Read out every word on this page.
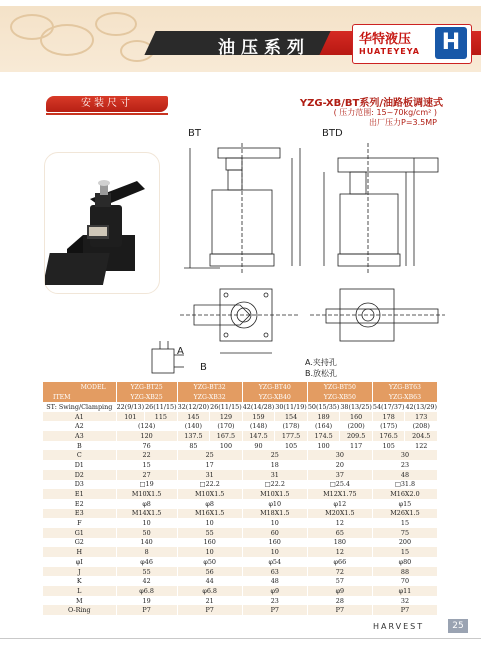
油压系列	华特液压
HUATEYEYA H
安装尺寸	YZG-XB/BT系列/油路板调速式
( 压力范围: 15~70kg/cm² )
出厂压力P=3.5MP
BT	BTD
A
B	A.夹持孔
B.放松孔
MODEL	YZG-BT25		YZG-BT32		YZG-BT40		YZG-BT50		YZG-BT63	
ITEM	YZG-XB25		YZG-XB32		YZG-XB40		YZG-XB50		YZG-XB63	
ST: Swing/Clamping	22(9/13)	26(11/15)	32(12/20)	26(11/15)	42(14/28)	30(11/19)	50(15/35)	38(13/25)	54(17/37)	42(13/29)
A1	101	115	145	129	159	154	189	160	178	173
A2	(124)		(140)	(170)	(148)	(178)	(164)	(200)	(175)	(208)
A3	120		137.5	167.5	147.5	177.5	174.5	209.5	176.5	204.5
B	76		85	100	90	105	100	117	105	122
C	22		25		25		30		30	
D1	15		17		18		20		23	
D2	27		31		31		37		48	
D3	□19		□22.2		□22.2		□25.4		□31.8	
E1	M10X1.5		M10X1.5		M10X1.5		M12X1.75		M16X2.0	
E2	φ8		φ8		φ10		φ12		φ15	
E3	M14X1.5		M16X1.5		M18X1.5		M20X1.5		M26X1.5	
F	10		10		10		12		15	
G1	50		55		60		65		75	
G2	140		160		160		180		200	
H	8		10		10		12		15	
φI	φ46		φ50		φ54		φ66		φ80	
J	55		56		63		72		88	
K	42		44		48		57		70	
L	φ6.8		φ6.8		φ9		φ9		φ11	
M	19		21		23		28		32	
O-Ring	P7		P7		P7		P7		P7	
HARVEST	25
